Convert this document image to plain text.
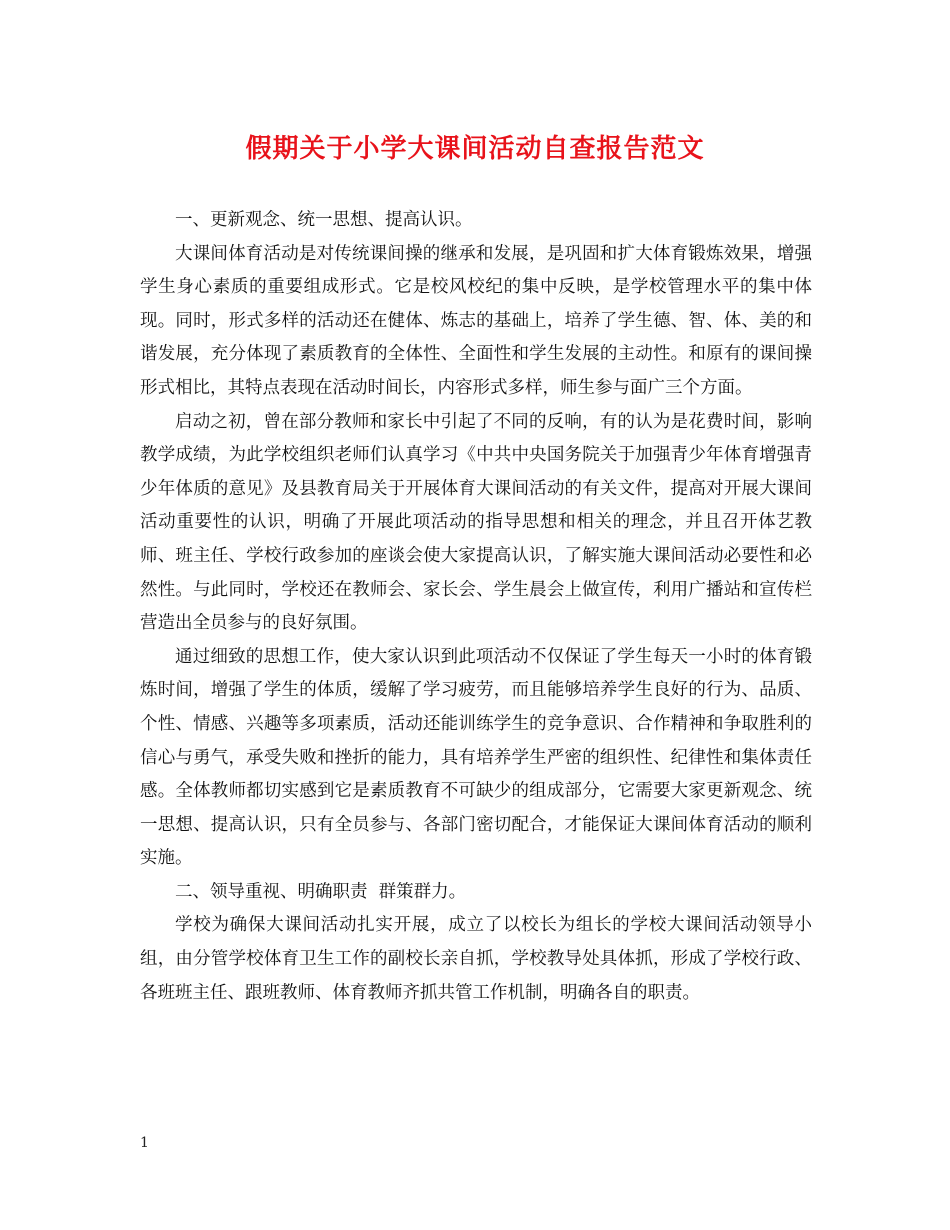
假期关于小学大课间活动自查报告范文

一、更新观念、统一思想、提高认识。

大课间体育活动是对传统课间操的继承和发展，是巩固和扩大体育锻炼效果，增强学生身心素质的重要组成形式。它是校风校纪的集中反映，是学校管理水平的集中体现。同时，形式多样的活动还在健体、炼志的基础上，培养了学生德、智、体、美的和谐发展，充分体现了素质教育的全体性、全面性和学生发展的主动性。和原有的课间操形式相比，其特点表现在活动时间长，内容形式多样，师生参与面广三个方面。

启动之初，曾在部分教师和家长中引起了不同的反响，有的认为是花费时间，影响教学成绩，为此学校组织老师们认真学习《中共中央国务院关于加强青少年体育增强青少年体质的意见》及县教育局关于开展体育大课间活动的有关文件，提高对开展大课间活动重要性的认识，明确了开展此项活动的指导思想和相关的理念，并且召开体艺教师、班主任、学校行政参加的座谈会使大家提高认识，了解实施大课间活动必要性和必然性。与此同时，学校还在教师会、家长会、学生晨会上做宣传，利用广播站和宣传栏营造出全员参与的良好氛围。

通过细致的思想工作，使大家认识到此项活动不仅保证了学生每天一小时的体育锻炼时间，增强了学生的体质，缓解了学习疲劳，而且能够培养学生良好的行为、品质、个性、情感、兴趣等多项素质，活动还能训练学生的竞争意识、合作精神和争取胜利的信心与勇气，承受失败和挫折的能力，具有培养学生严密的组织性、纪律性和集体责任感。全体教师都切实感到它是素质教育不可缺少的组成部分，它需要大家更新观念、统一思想、提高认识，只有全员参与、各部门密切配合，才能保证大课间体育活动的顺利实施。

二、领导重视、明确职责  群策群力。

学校为确保大课间活动扎实开展，成立了以校长为组长的学校大课间活动领导小组，由分管学校体育卫生工作的副校长亲自抓，学校教导处具体抓，形成了学校行政、各班班主任、跟班教师、体育教师齐抓共管工作机制，明确各自的职责。

1
